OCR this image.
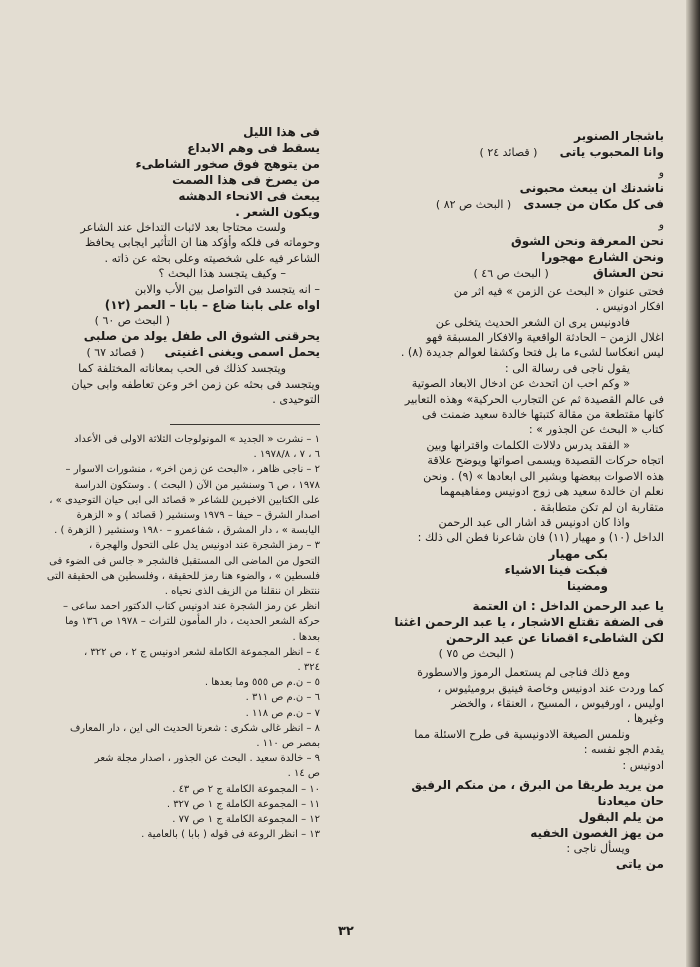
باشجار الصنوبر

وانا المحبوب ياتى ( قصائد ٢٤ )

و

ناشدنك ان يبعث محبونى

فى كل مكان من جسدى ( البحث ص ٨٢ )

و

نحن المعرفة ونحن الشوق

ونحن الشارع مهجورا

نحن العشاق ( البحث ص ٤٦ )

فحتى عنوان « البحث عن الزمن » فيه اثر من

افكار ادونيس .

فادونيس يرى ان الشعر الحديث يتخلى عن

اغلال الزمن – الحادثة الواقعية والافكار المسبقة فهو

ليس انعكاسا لشىء ما بل فتحا وكشفا لعوالم جديدة (٨) .

يقول ناجى فى رسالة الى :

« وكم احب ان اتحدث عن ادخال الابعاد الصوتية

فى عالم القصيدة ثم عن التجارب الحركية» وهذه التعابير

كانها مقتطعة من مقالة كتبتها خالدة سعيد ضمنت فى

كتاب « البحث عن الجذور » :

« الفقد يدرس دلالات الكلمات واقترانها وبين

اتجاه حركات القصيدة ويسمى اصواتها ويوضح علاقة

هذه الاصوات ببعضها وبشير الى ابعادها » (٩) . ونحن

نعلم ان خالدة سعيد هى زوج ادونيس ومفاهيمهما

متقاربة ان لم تكن متطابقة .

واذا كان ادونيس قد اشار الى عبد الرحمن

الداخل (١٠) و مهيار (١١) فان شاعرنا فطن الى ذلك :

بكى مهيار

فبكت فينا الاشياء

ومضينا

يا عبد الرحمن الداخل : ان العتمة

فى الضفة تقتلع الاشجار ، يا عبد الرحمن اغثنا

لكن الشاطىء اقصانا عن عبد الرحمن

( البحث ص ٧٥ )

ومع ذلك فناجى لم يستعمل الرموز والاسطورة

كما وردت عند ادونيس وخاصة فينيق بروميثيوس ،

اوليس ، اورفيوس ، المسيح ، العنقاء ، والخضر

وغيرها .

ونلمس الصيغة الادونيسية فى طرح الاسئلة مما

يقدم الجو نفسه :

ادونيس :

من يريد طريقا من البرق ، من منكم الرفيق

حان ميعادنا

من يلم البقول

من يهز الغصون الخفيه

ويسأل ناجى :

من ياتى

فى هذا الليل

يسقط فى وهم الابداع

من يتوهج فوق صخور الشاطىء

من يصرخ فى هذا الصمت

يبعث فى الانحاء الدهشه

ويكون الشعر .

ولست محتاجا بعد لاثبات التداخل عند الشاعر

وحوماته فى فلكه وأؤكد هنا ان التأثير ايجابى يحافظ

الشاعر فيه على شخصيته وعلى بحثه عن ذاته .

– وكيف يتجسد هذا البحث ؟

– انه يتجسد فى التواصل بين الأب والابن

اواه على بابنا ضاع – بابا – العمر (١٢)

( البحث ص ٦٠ )

يحرقنى الشوق الى طفل يولد من صلبى

يحمل اسمى ويغنى اغنيتى ( قصائد ٦٧ )

ويتجسد كذلك فى الحب بمعاناته المختلفة كما

ويتجسد فى بحثه عن زمن اخر وعن تعاطفه وابى حيان

التوحيدى .

١ – نشرت « الجديد » المونولوجات الثلاثة الاولى فى الأعداد

٦ ، ٧ ، ١٩٧٨/٨ .

٢ – ناجى ظاهر ، «البحث عن زمن اخر» ، منشورات الاسوار –

١٩٧٨ ، ص ٦ وسنشير من الآن ( البحث ) . وستكون الدراسة

على الكتابين الاخيرين للشاعر « قصائد الى ابى حيان التوحيدى » ،

اصدار الشرق – حيفا – ١٩٧٩ وسنشير ( قصائد ) و « الزهرة

اليابسة » ، دار المشرق ، شفاعمرو – ١٩٨٠ وسنشير ( الزهرة ) .

٣ – رمز الشجرة عند ادونيس يدل على التحول والهجرة ،

التحول من الماضى الى المستقبل فالشجر « جالس فى الضوء فى

فلسطين » ، والضوء هنا رمز للحقيقة ، وفلسطين هى الحقيقة التى

ننتظر ان ننقلنا من الزيف الذى نحياه .

انظر عن رمز الشجرة عند ادونيس كتاب الدكتور احمد ساعى –

حركة الشعر الحديث ، دار المأمون للتراث – ١٩٧٨ ص ١٣٦ وما

بعدها .

٤ – انظر المجموعة الكاملة لشعر ادونيس ج ٢ ، ص ٣٢٢ ،

٣٢٤ .

٥ – ن.م ص ٥٥٥ وما بعدها .

٦ – ن.م ص ٣١١ .

٧ – ن.م ص ١١٨ .

٨ – انظر غالى شكرى : شعرنا الحديث الى اين ، دار المعارف

بمصر ص ١١٠ .

٩ – خالدة سعيد . البحث عن الجذور ، اصدار مجلة شعر

ص ١٤ .

١٠ – المجموعة الكاملة ج ٢ ص ٤٣ .

١١ – المجموعة الكاملة ج ١ ص ٣٢٧ .

١٢ – المجموعة الكاملة ج ١ ص ٧٧ .

١٣ – انظر الروعة فى قوله ( بابا ) بالعامية .

٣٢
